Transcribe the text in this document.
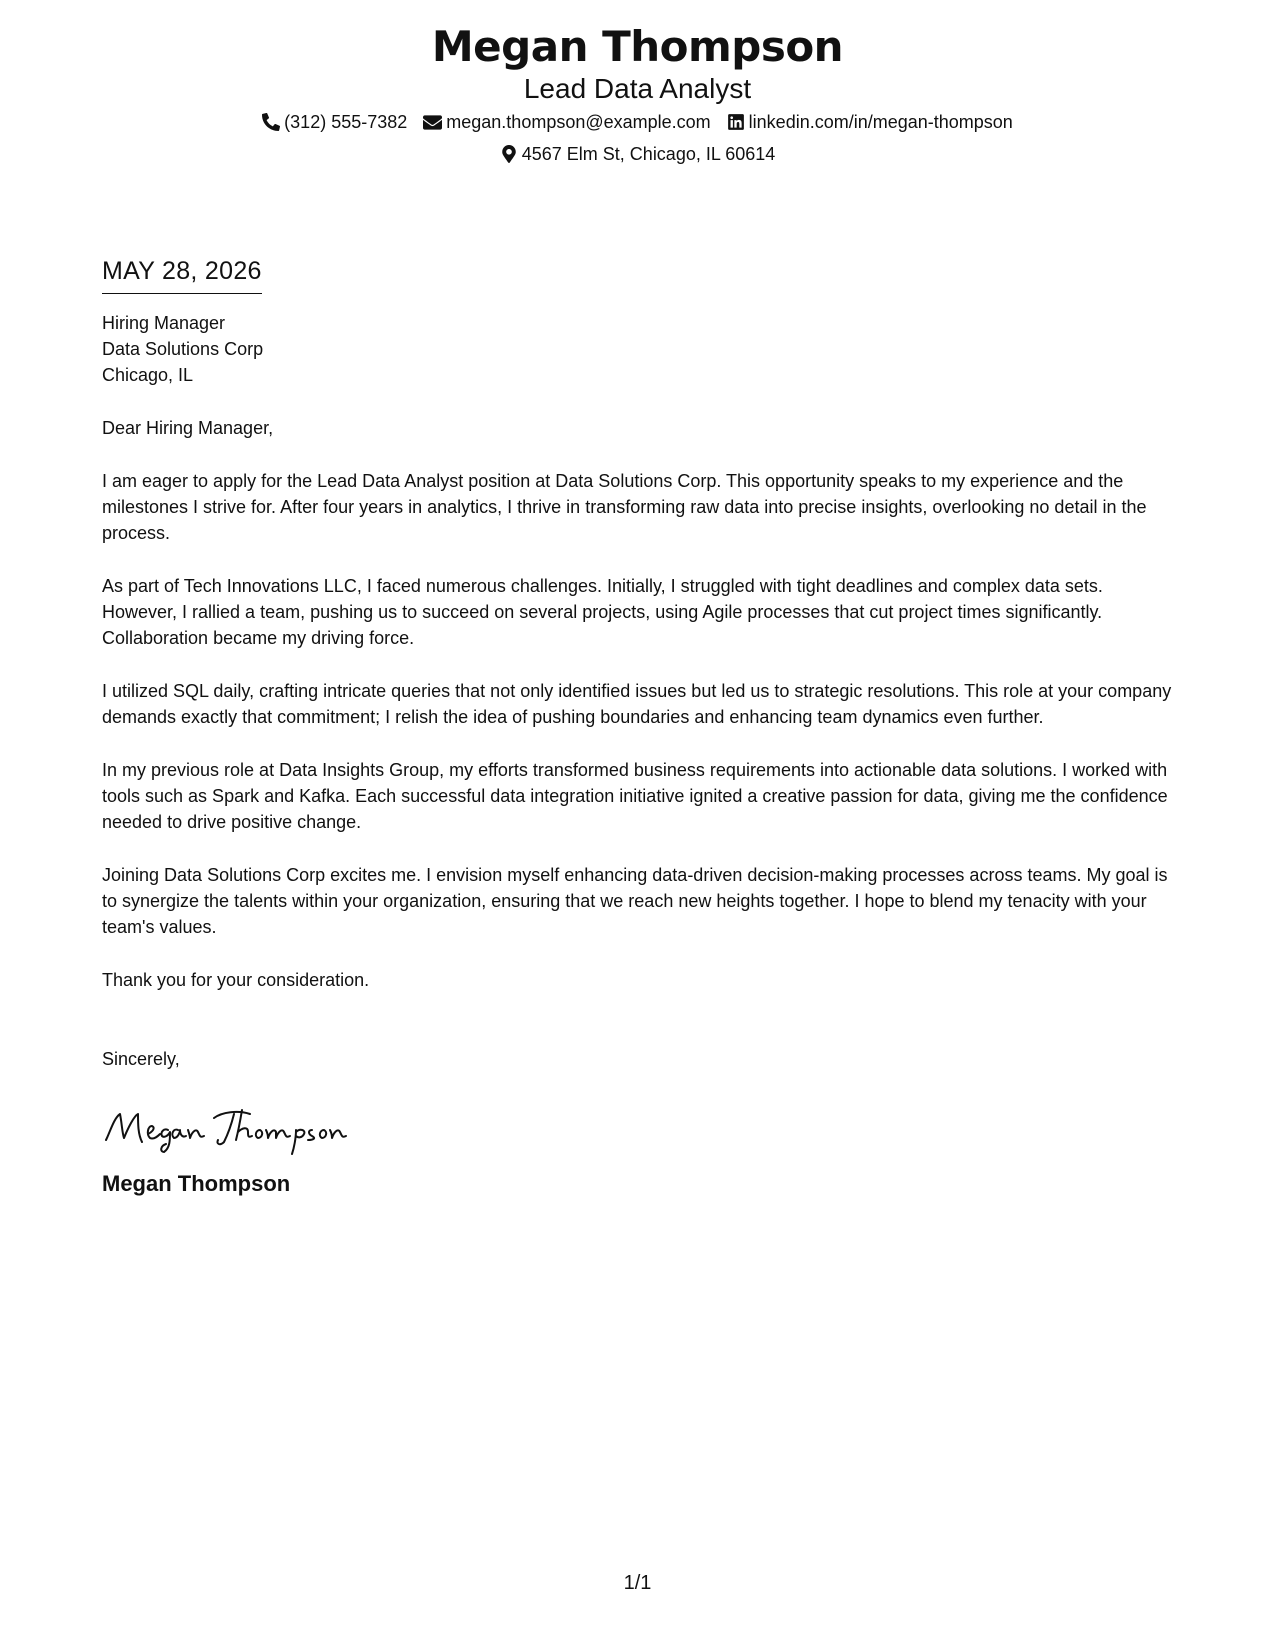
Megan Thompson
Lead Data Analyst
(312) 555-7382 megan.thompson@example.com linkedin.com/in/megan-thompson
4567 Elm St, Chicago, IL 60614
MAY 28, 2026
Hiring Manager
Data Solutions Corp
Chicago, IL
Dear Hiring Manager,

I am eager to apply for the Lead Data Analyst position at Data Solutions Corp. This opportunity speaks to my experience and the milestones I strive for. After four years in analytics, I thrive in transforming raw data into precise insights, overlooking no detail in the process.

As part of Tech Innovations LLC, I faced numerous challenges. Initially, I struggled with tight deadlines and complex data sets. However, I rallied a team, pushing us to succeed on several projects, using Agile processes that cut project times significantly. Collaboration became my driving force.

I utilized SQL daily, crafting intricate queries that not only identified issues but led us to strategic resolutions. This role at your company demands exactly that commitment; I relish the idea of pushing boundaries and enhancing team dynamics even further.

In my previous role at Data Insights Group, my efforts transformed business requirements into actionable data solutions. I worked with tools such as Spark and Kafka. Each successful data integration initiative ignited a creative passion for data, giving me the confidence needed to drive positive change.

Joining Data Solutions Corp excites me. I envision myself enhancing data-driven decision-making processes across teams. My goal is to synergize the talents within your organization, ensuring that we reach new heights together. I hope to blend my tenacity with your team's values.

Thank you for your consideration.

Sincerely,
Megan Thompson
1/1
